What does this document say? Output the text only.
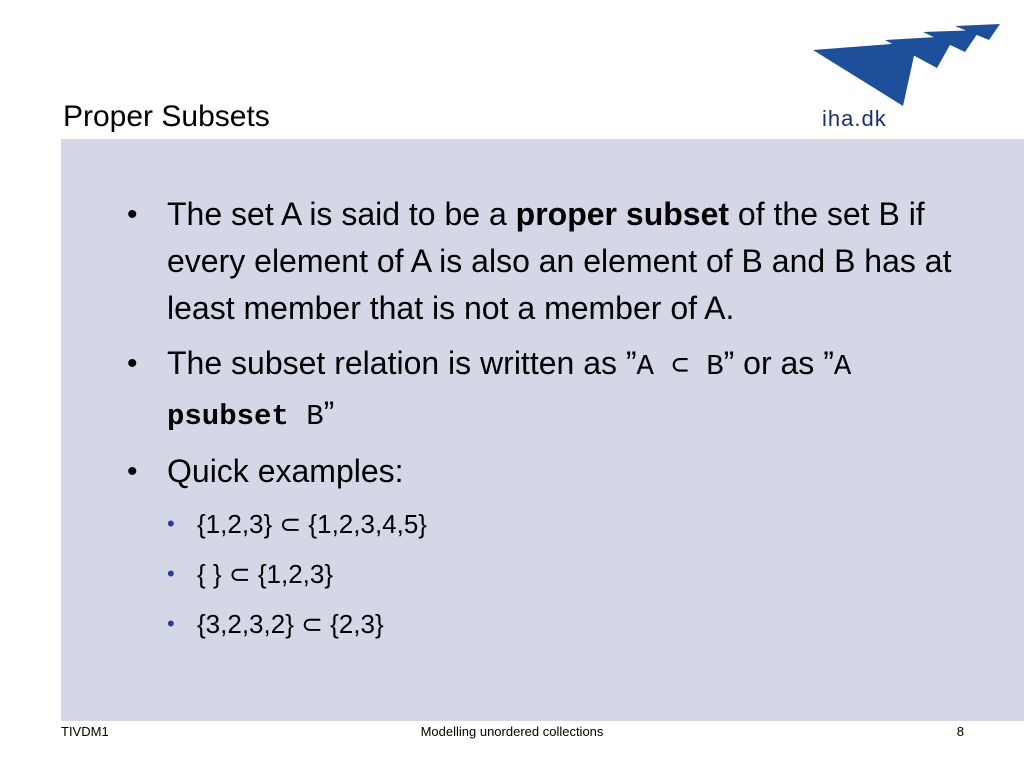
iha.dk
Proper Subsets
• The set A is said to be a proper subset of the set B if every element of A is also an element of B and B has at least member that is not a member of A.
• The subset relation is written as ”A ⊂ B” or as ”A psubset B”
• Quick examples:
• {1,2,3} ⊂ {1,2,3,4,5}
• { } ⊂ {1,2,3}
• {3,2,3,2} ⊂ {2,3}
TIVDM1	Modelling unordered collections	8
